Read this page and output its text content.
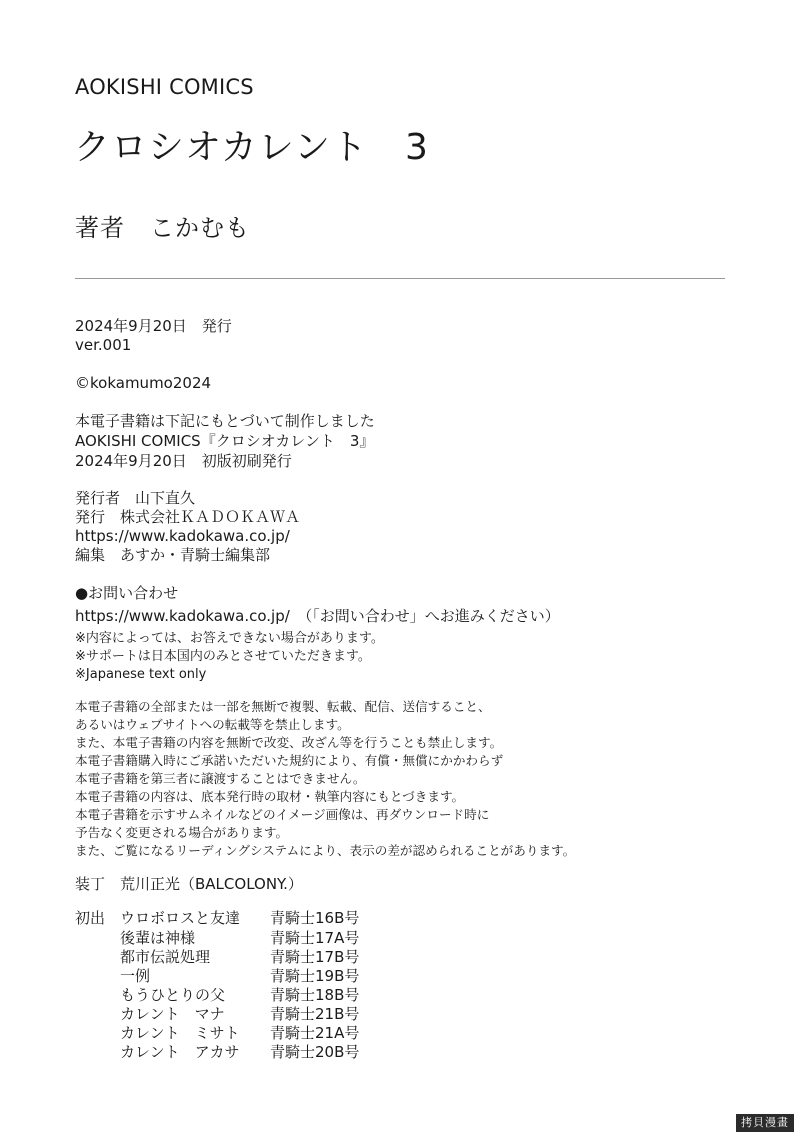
AOKISHI COMICS
クロシオカレント　3
著者　こかむも
2024年9月20日　発行
ver.001
©kokamumo2024
本電子書籍は下記にもとづいて制作しました
AOKISHI COMICS『クロシオカレント　3』
2024年9月20日　初版初刷発行
発行者　山下直久
発行　株式会社ＫＡＤＯＫＡＷＡ
https://www.kadokawa.co.jp/
編集　あすか・青騎士編集部
●お問い合わせ
https://www.kadokawa.co.jp/　（「お問い合わせ」へお進みください）
※内容によっては、お答えできない場合があります。
※サポートは日本国内のみとさせていただきます。
※Japanese text only
本電子書籍の全部または一部を無断で複製、転載、配信、送信すること、
あるいはウェブサイトへの転載等を禁止します。
また、本電子書籍の内容を無断で改変、改ざん等を行うことも禁止します。
本電子書籍購入時にご承諾いただいた規約により、有償・無償にかかわらず
本電子書籍を第三者に譲渡することはできません。
本電子書籍の内容は、底本発行時の取材・執筆内容にもとづきます。
本電子書籍を示すサムネイルなどのイメージ画像は、再ダウンロード時に
予告なく変更される場合があります。
また、ご覧になるリーディングシステムにより、表示の差が認められることがあります。
装丁　荒川正光（BALCOLONY.）
初出 ウロボロスと友達 青騎士16B号
後輩は神様	青騎士17A号
都市伝説処理	青騎士17B号
一例	青騎士19B号
もうひとりの父	青騎士18B号
カレント　マナ	青騎士21B号
カレント　ミサト 青騎士21A号
カレント　アカサ 青騎士20B号
拷貝漫畫
